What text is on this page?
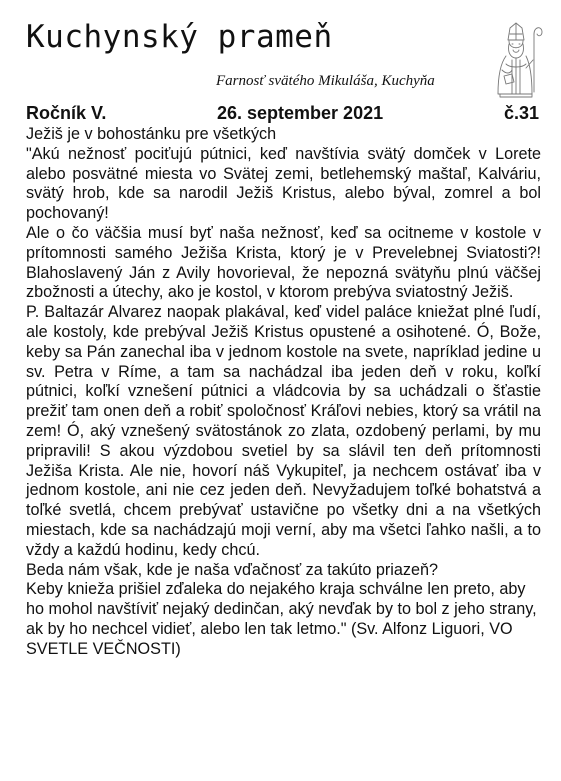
Kuchynský prameň
Farnosť svätého Mikuláša, Kuchyňa
Ročník V.	26. september 2021	č.31

Ježiš je v bohostánku pre všetkých

"Akú nežnosť pociťujú pútnici, keď navštívia svätý domček v Lorete alebo posvätné miesta vo Svätej zemi, betlehemský maštaľ, Kalváriu, svätý hrob, kde sa narodil Ježiš Kristus, alebo býval, zomrel a bol pochovaný!

Ale o čo väčšia musí byť naša nežnosť, keď sa ocitneme v kostole v prítomnosti samého Ježiša Krista, ktorý je v Prevelebnej Sviatosti?! Blahoslavený Ján z Avily hovorieval, že nepozná svätyňu plnú väčšej zbožnosti a útechy, ako je kostol, v ktorom prebýva sviatostný Ježiš.

P. Baltazár Alvarez naopak plakával, keď videl paláce kniežat plné ľudí, ale kostoly, kde prebýval Ježiš Kristus opustené a osihotené. Ó, Bože, keby sa Pán zanechal iba v jednom kostole na svete, napríklad jedine u sv. Petra v Ríme, a tam sa nachádzal iba jeden deň v roku, koľkí pútnici, koľkí vznešení pútnici a vládcovia by sa uchádzali o šťastie prežiť tam onen deň a robiť spoločnosť Kráľovi nebies, ktorý sa vrátil na zem! Ó, aký vznešený svätostánok zo zlata, ozdobený perlami, by mu pripravili! S akou výzdobou svetiel by sa slávil ten deň prítomnosti Ježiša Krista. Ale nie, hovorí náš Vykupiteľ, ja nechcem ostávať iba v jednom kostole, ani nie cez jeden deň. Nevyžadujem toľké bohatstvá a toľké svetlá, chcem prebývať ustavične po všetky dni a na všetkých miestach, kde sa nachádzajú moji verní, aby ma všetci ľahko našli, a to vždy a každú hodinu, kedy chcú.

Beda nám však, kde je naša vďačnosť za takúto priazeň?

Keby knieža prišiel zďaleka do nejakého kraja schválne len preto, aby ho mohol navštíviť nejaký dedinčan, aký nevďak by to bol z jeho strany, ak by ho nechcel vidieť, alebo len tak letmo." (Sv. Alfonz Liguori, VO SVETLE VEČNOSTI)
